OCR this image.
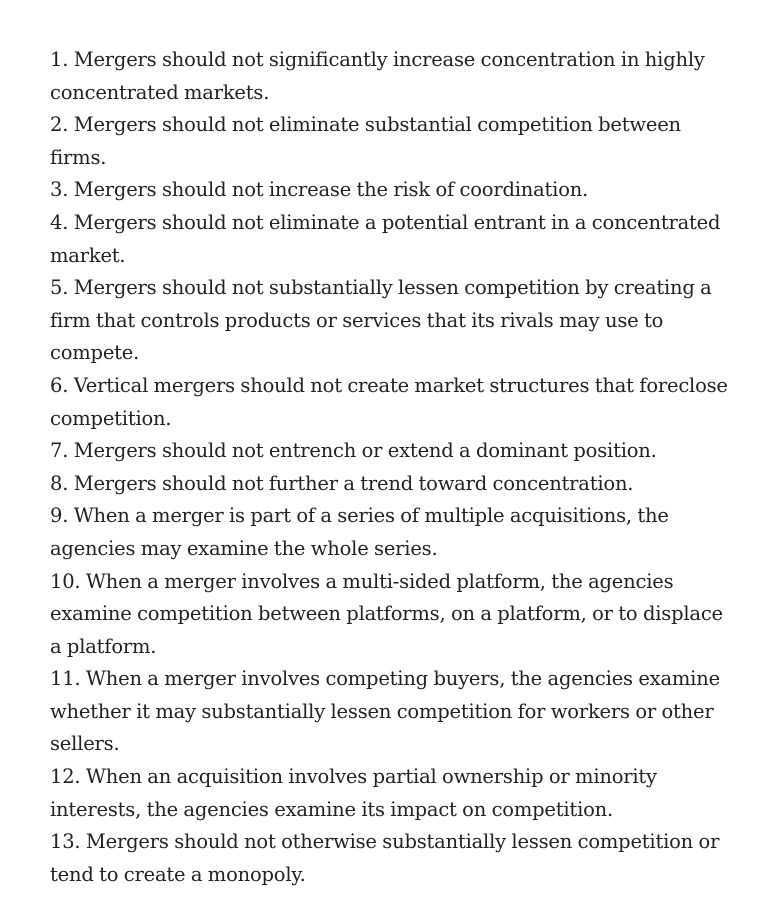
1. Mergers should not significantly increase concentration in highly concentrated markets.

2. Mergers should not eliminate substantial competition between firms.

3. Mergers should not increase the risk of coordination.

4. Mergers should not eliminate a potential entrant in a concentrated market.

5. Mergers should not substantially lessen competition by creating a firm that controls products or services that its rivals may use to compete.

6. Vertical mergers should not create market structures that foreclose competition.

7. Mergers should not entrench or extend a dominant position.

8. Mergers should not further a trend toward concentration.

9. When a merger is part of a series of multiple acquisitions, the agencies may examine the whole series.

10. When a merger involves a multi-sided platform, the agencies examine competition between platforms, on a platform, or to displace a platform.

11. When a merger involves competing buyers, the agencies examine whether it may substantially lessen competition for workers or other sellers.

12. When an acquisition involves partial ownership or minority interests, the agencies examine its impact on competition.

13. Mergers should not otherwise substantially lessen competition or tend to create a monopoly.
